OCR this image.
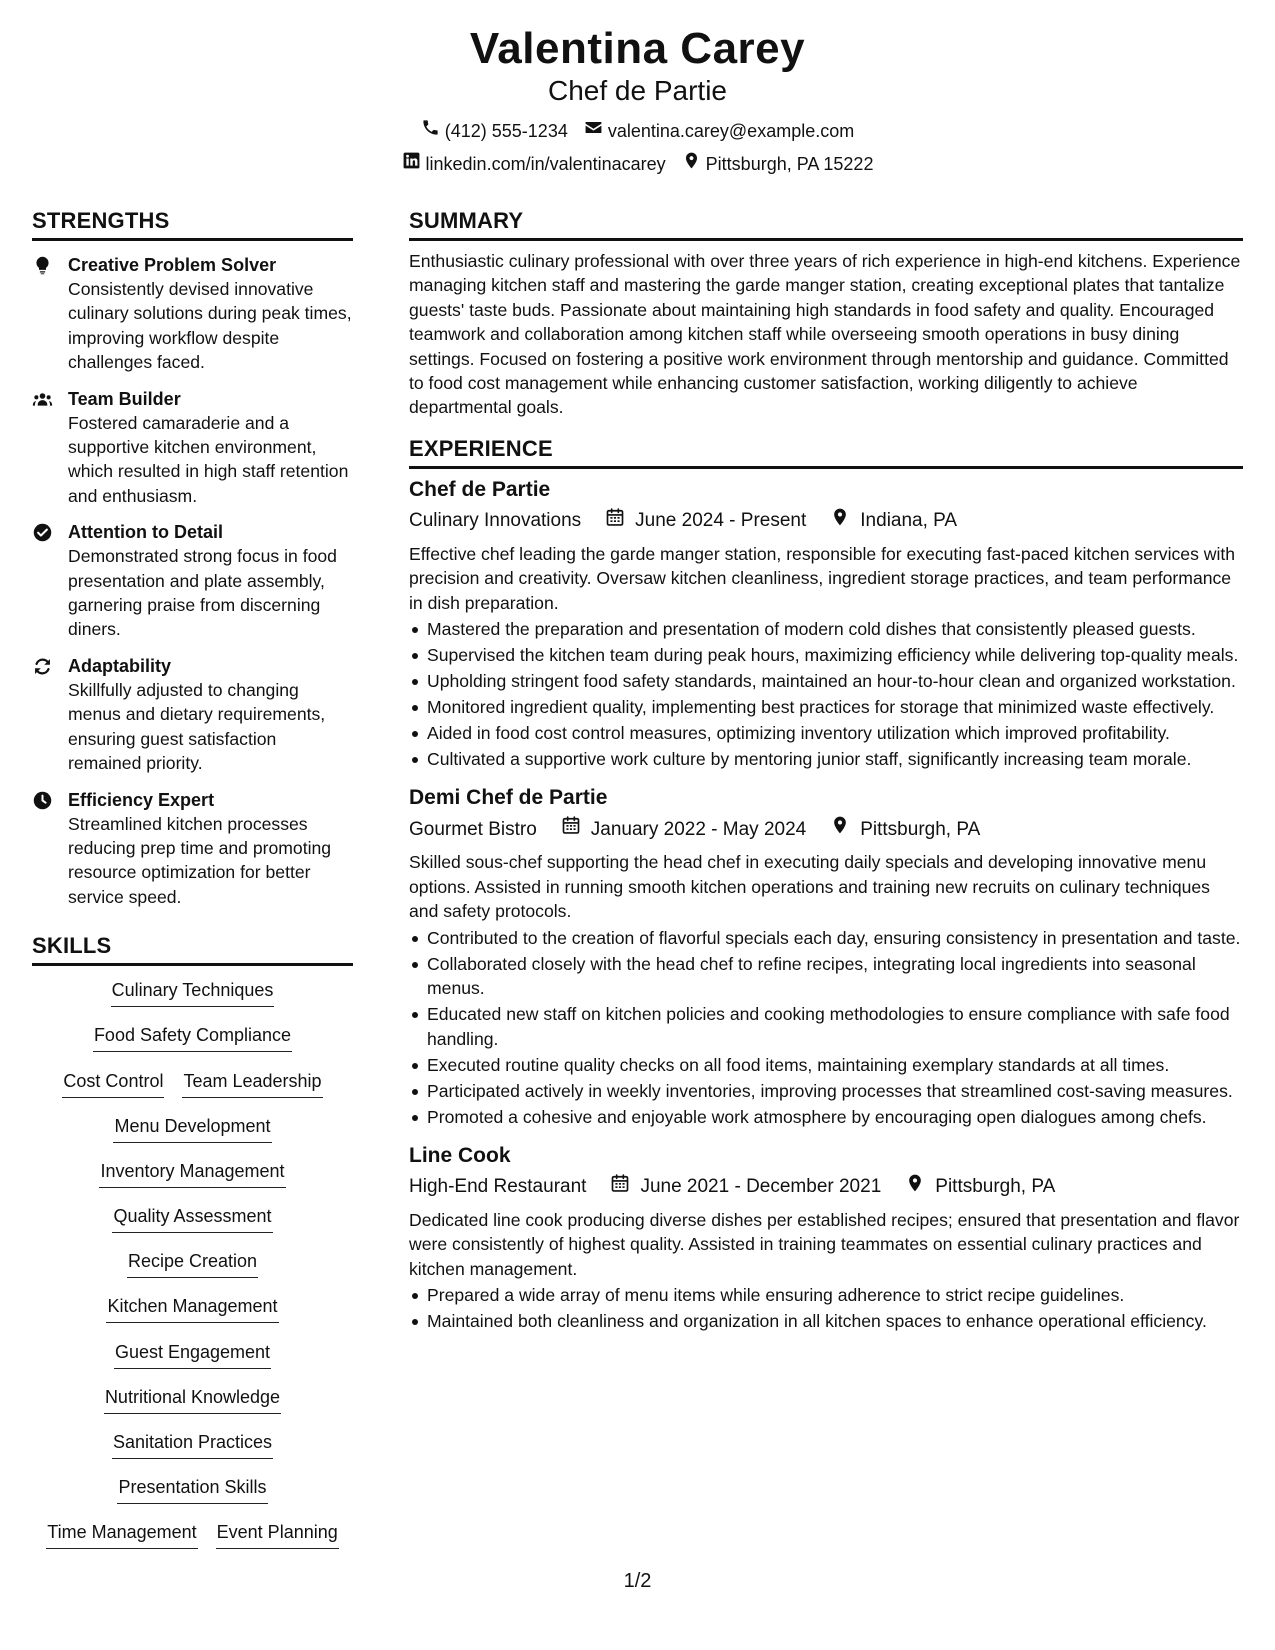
Valentina Carey
Chef de Partie
(412) 555-1234 valentina.carey@example.com
linkedin.com/in/valentinacarey Pittsburgh, PA 15222
STRENGTHS
Creative Problem Solver
Consistently devised innovative culinary solutions during peak times, improving workflow despite challenges faced.
Team Builder
Fostered camaraderie and a supportive kitchen environment, which resulted in high staff retention and enthusiasm.
Attention to Detail
Demonstrated strong focus in food presentation and plate assembly, garnering praise from discerning diners.
Adaptability
Skillfully adjusted to changing menus and dietary requirements, ensuring guest satisfaction remained priority.
Efficiency Expert
Streamlined kitchen processes reducing prep time and promoting resource optimization for better service speed.
SKILLS
Culinary Techniques
Food Safety Compliance
Cost Control Team Leadership
Menu Development
Inventory Management
Quality Assessment
Recipe Creation
Kitchen Management
Guest Engagement
Nutritional Knowledge
Sanitation Practices
Presentation Skills
Time Management Event Planning
SUMMARY
Enthusiastic culinary professional with over three years of rich experience in high-end kitchens. Experience managing kitchen staff and mastering the garde manger station, creating exceptional plates that tantalize guests' taste buds. Passionate about maintaining high standards in food safety and quality. Encouraged teamwork and collaboration among kitchen staff while overseeing smooth operations in busy dining settings. Focused on fostering a positive work environment through mentorship and guidance. Committed to food cost management while enhancing customer satisfaction, working diligently to achieve departmental goals.
EXPERIENCE
Chef de Partie
Culinary Innovations	June 2024 - Present	Indiana, PA
Effective chef leading the garde manger station, responsible for executing fast-paced kitchen services with precision and creativity. Oversaw kitchen cleanliness, ingredient storage practices, and team performance in dish preparation.
Mastered the preparation and presentation of modern cold dishes that consistently pleased guests.
Supervised the kitchen team during peak hours, maximizing efficiency while delivering top-quality meals.
Upholding stringent food safety standards, maintained an hour-to-hour clean and organized workstation.
Monitored ingredient quality, implementing best practices for storage that minimized waste effectively.
Aided in food cost control measures, optimizing inventory utilization which improved profitability.
Cultivated a supportive work culture by mentoring junior staff, significantly increasing team morale.
Demi Chef de Partie
Gourmet Bistro	January 2022 - May 2024	Pittsburgh, PA
Skilled sous-chef supporting the head chef in executing daily specials and developing innovative menu options. Assisted in running smooth kitchen operations and training new recruits on culinary techniques and safety protocols.
Contributed to the creation of flavorful specials each day, ensuring consistency in presentation and taste.
Collaborated closely with the head chef to refine recipes, integrating local ingredients into seasonal menus.
Educated new staff on kitchen policies and cooking methodologies to ensure compliance with safe food handling.
Executed routine quality checks on all food items, maintaining exemplary standards at all times.
Participated actively in weekly inventories, improving processes that streamlined cost-saving measures.
Promoted a cohesive and enjoyable work atmosphere by encouraging open dialogues among chefs.
Line Cook
High-End Restaurant	June 2021 - December 2021	Pittsburgh, PA
Dedicated line cook producing diverse dishes per established recipes; ensured that presentation and flavor were consistently of highest quality. Assisted in training teammates on essential culinary practices and kitchen management.
Prepared a wide array of menu items while ensuring adherence to strict recipe guidelines.
Maintained both cleanliness and organization in all kitchen spaces to enhance operational efficiency.
1/2
